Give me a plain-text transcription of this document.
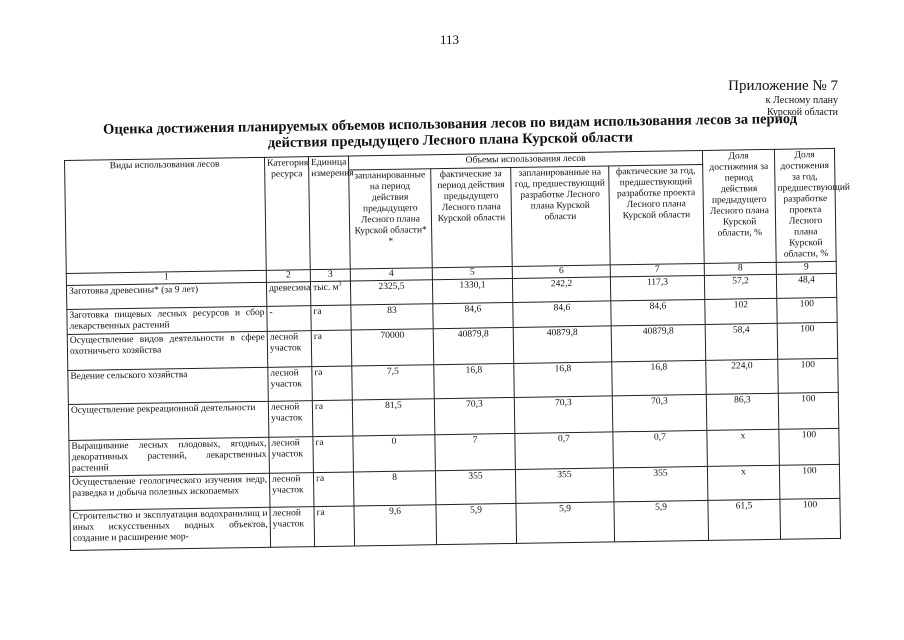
113
Приложение № 7
к Лесному плану
Курской области
Оценка достижения планируемых объемов использования лесов по видам использования лесов за период действия предыдущего Лесного плана Курской области
Виды использования лесов	Категория ресурса	Единица измерения	Объемы использования лесов				Доля достижения за период действия предыдущего Лесного плана Курской области, %	Доля достижения за год, предшествующий разработке проекта Лесного плана Курской области, %
			запланированные на период действия предыдущего Лесного плана Курской области* *	фактические за период действия предыдущего Лесного плана Курской области	запланированные на год, предшествующий разработке Лесного плана Курской области	фактические за год, предшествующий разработке проекта Лесного плана Курской области		
1	2	3	4	5	6	7	8	9
Заготовка древесины* (за 9 лет)	древесина	тыс. $м^3$	2325,5	1330,1	242,2	117,3	57,2	48,4
Заготовка пищевых лесных ресурсов и сбор лекарственных растений	-	га	83	84,6	84,6	84,6	102	100
Осуществление видов деятельности в сфере охотничьего хозяйства	лесной участок	га	70000	40879,8	40879,8	40879,8	58,4	100
Ведение сельского хозяйства	лесной участок	га	7,5	16,8	16,8	16,8	224,0	100
Осуществление рекреационной деятельности	лесной участок	га	81,5	70,3	70,3	70,3	86,3	100
Выращивание лесных плодовых, ягодных, декоративных растений, лекарственных растений	лесной участок	га	0	7	0,7	0,7	х	100
Осуществление геологического изучения недр, разведка и добыча полезных ископаемых	лесной участок	га	8	355	355	355	х	100
Строительство и эксплуатация водохранилищ и иных искусственных водных объектов, создание и расширение мор-	лесной участок	га	9,6	5,9	5,9	5,9	61,5	100
